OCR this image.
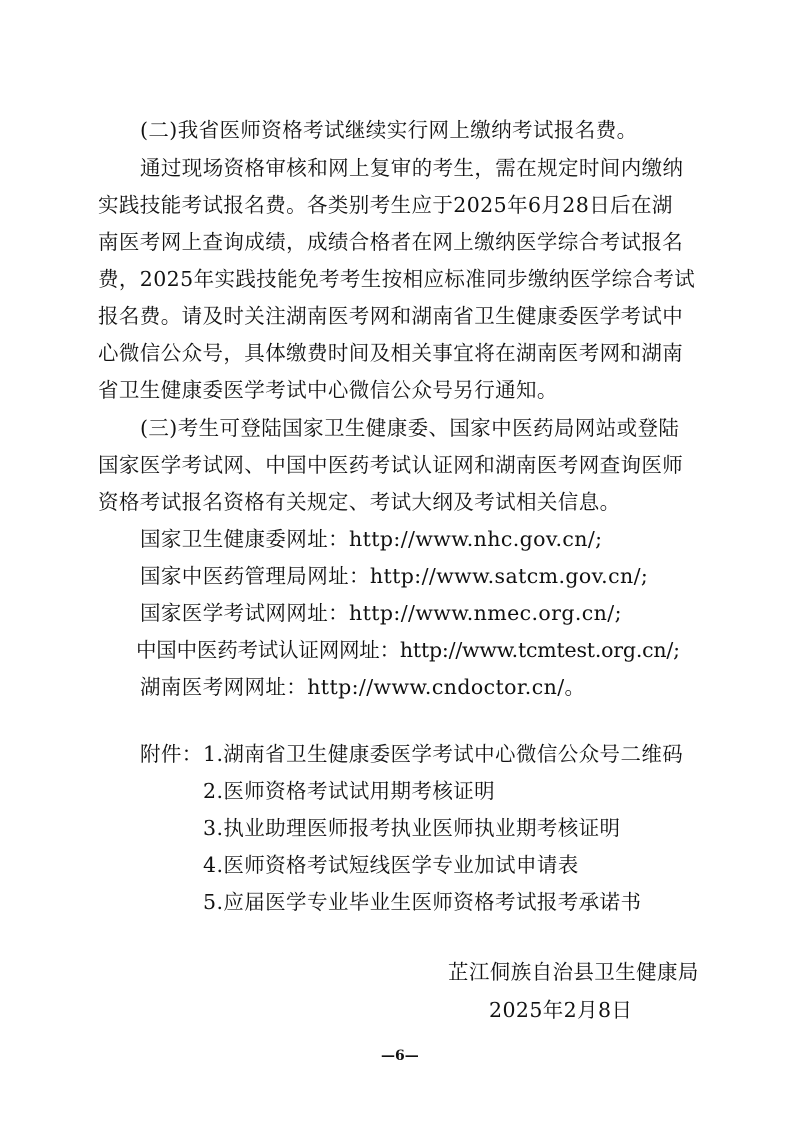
(二)我省医师资格考试继续实行网上缴纳考试报名费。
通过现场资格审核和网上复审的考生，需在规定时间内缴纳
实践技能考试报名费。各类别考生应于2025年6月28日后在湖
南医考网上查询成绩，成绩合格者在网上缴纳医学综合考试报名
费，2025年实践技能免考考生按相应标准同步缴纳医学综合考试
报名费。请及时关注湖南医考网和湖南省卫生健康委医学考试中
心微信公众号，具体缴费时间及相关事宜将在湖南医考网和湖南
省卫生健康委医学考试中心微信公众号另行通知。
(三)考生可登陆国家卫生健康委、国家中医药局网站或登陆
国家医学考试网、中国中医药考试认证网和湖南医考网查询医师
资格考试报名资格有关规定、考试大纲及考试相关信息。
国家卫生健康委网址：http://www.nhc.gov.cn/;
国家中医药管理局网址：http://www.satcm.gov.cn/;
国家医学考试网网址：http://www.nmec.org.cn/;
中国中医药考试认证网网址：http://www.tcmtest.org.cn/;
湖南医考网网址：http://www.cndoctor.cn/。
附件： 1.湖南省卫生健康委医学考试中心微信公众号二维码
2.医师资格考试试用期考核证明
3.执业助理医师报考执业医师执业期考核证明
4.医师资格考试短线医学专业加试申请表
5.应届医学专业毕业生医师资格考试报考承诺书
芷江侗族自治县卫生健康局
2025年2月8日
—6—
